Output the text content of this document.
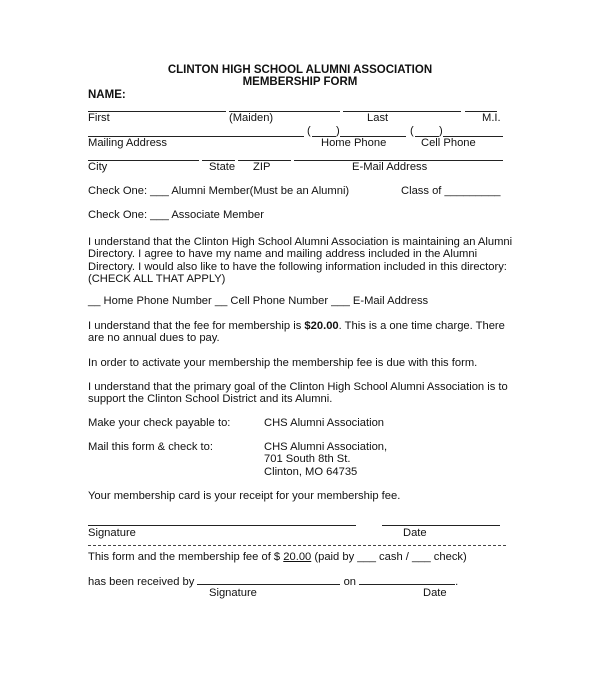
CLINTON HIGH SCHOOL ALUMNI ASSOCIATION
MEMBERSHIP FORM
NAME:
First	(Maiden)	Last	M.I.
( )	( )
Mailing Address	Home Phone	Cell Phone
City	State ZIP	E-Mail Address
Check One: ___ Alumni Member(Must be an Alumni)	Class of _________
Check One: ___ Associate Member
I understand that the Clinton High School Alumni Association is maintaining an Alumni Directory. I agree to have my name and mailing address included in the Alumni Directory. I would also like to have the following information included in this directory: (CHECK ALL THAT APPLY)
__ Home Phone Number __ Cell Phone Number ___ E-Mail Address
I understand that the fee for membership is $20.00. This is a one time charge. There are no annual dues to pay.
In order to activate your membership the membership fee is due with this form.
I understand that the primary goal of the Clinton High School Alumni Association is to support the Clinton School District and its Alumni.
Make your check payable to:	CHS Alumni Association
Mail this form & check to:	CHS Alumni Association,
701 South 8th St.
Clinton, MO 64735
Your membership card is your receipt for your membership fee.
Signature	Date
This form and the membership fee of $ 20.00 (paid by ___ cash / ___ check)
has been received by	on	.
Signature	Date
